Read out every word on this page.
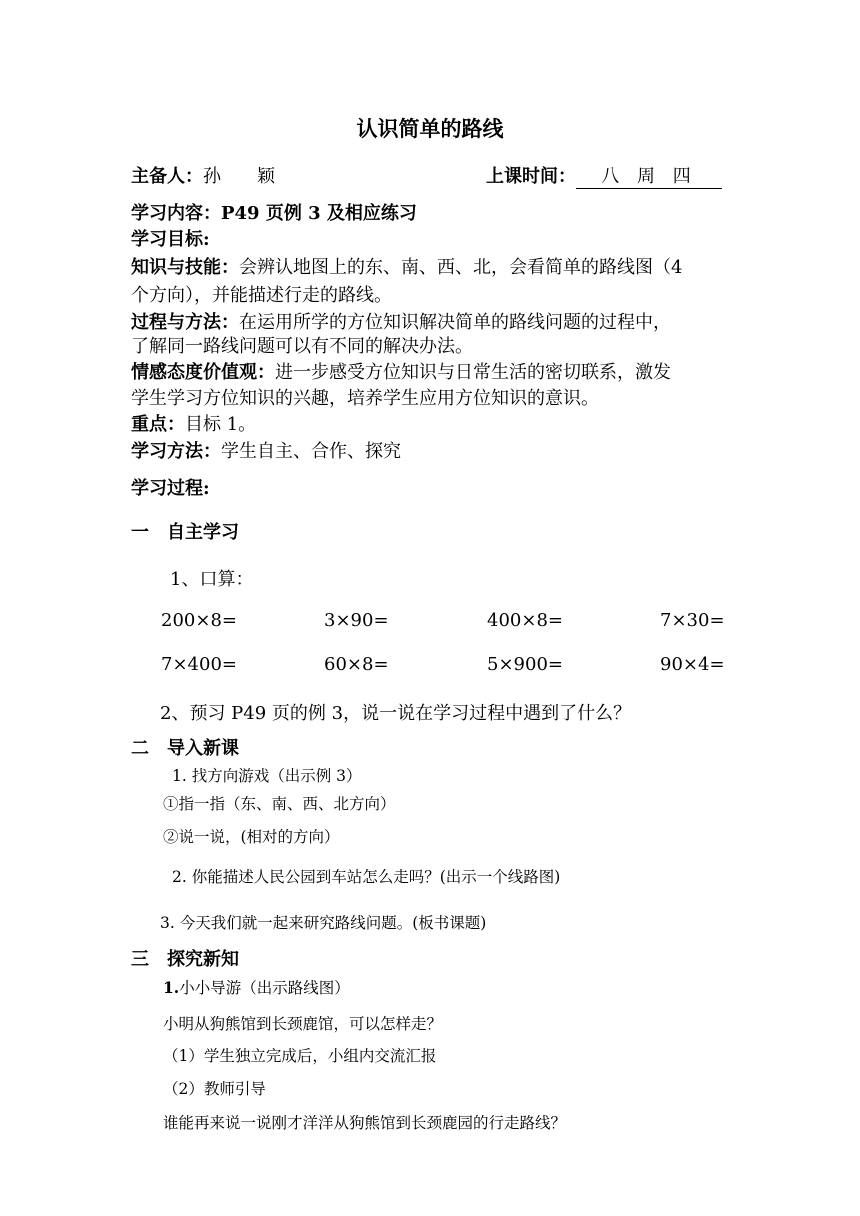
认识简单的路线
主备人：孙　　颖	上课时间： 八 周 四
学习内容：P49 页例 3 及相应练习
学习目标:
知识与技能：会辨认地图上的东、南、西、北，会看简单的路线图（4
个方向），并能描述行走的路线。
过程与方法：在运用所学的方位知识解决简单的路线问题的过程中，
了解同一路线问题可以有不同的解决办法。
情感态度价值观：进一步感受方位知识与日常生活的密切联系，激发
学生学习方位知识的兴趣，培养学生应用方位知识的意识。
重点：目标 1。
学习方法：学生自主、合作、探究
学习过程:
一　自主学习
1、口算：
200×8=	3×90=	400×8=	7×30=
7×400=	60×8=	5×900=	90×4=
2、预习 P49 页的例 3，说一说在学习过程中遇到了什么？
二　导入新课
1. 找方向游戏（出示例 3）
①指一指（东、南、西、北方向）
②说一说，(相对的方向）
2. 你能描述人民公园到车站怎么走吗？(出示一个线路图)
3. 今天我们就一起来研究路线问题。(板书课题)
三　探究新知
1.小小导游（出示路线图）
小明从狗熊馆到长颈鹿馆，可以怎样走？
（1）学生独立完成后，小组内交流汇报
（2）教师引导
谁能再来说一说刚才洋洋从狗熊馆到长颈鹿园的行走路线？
